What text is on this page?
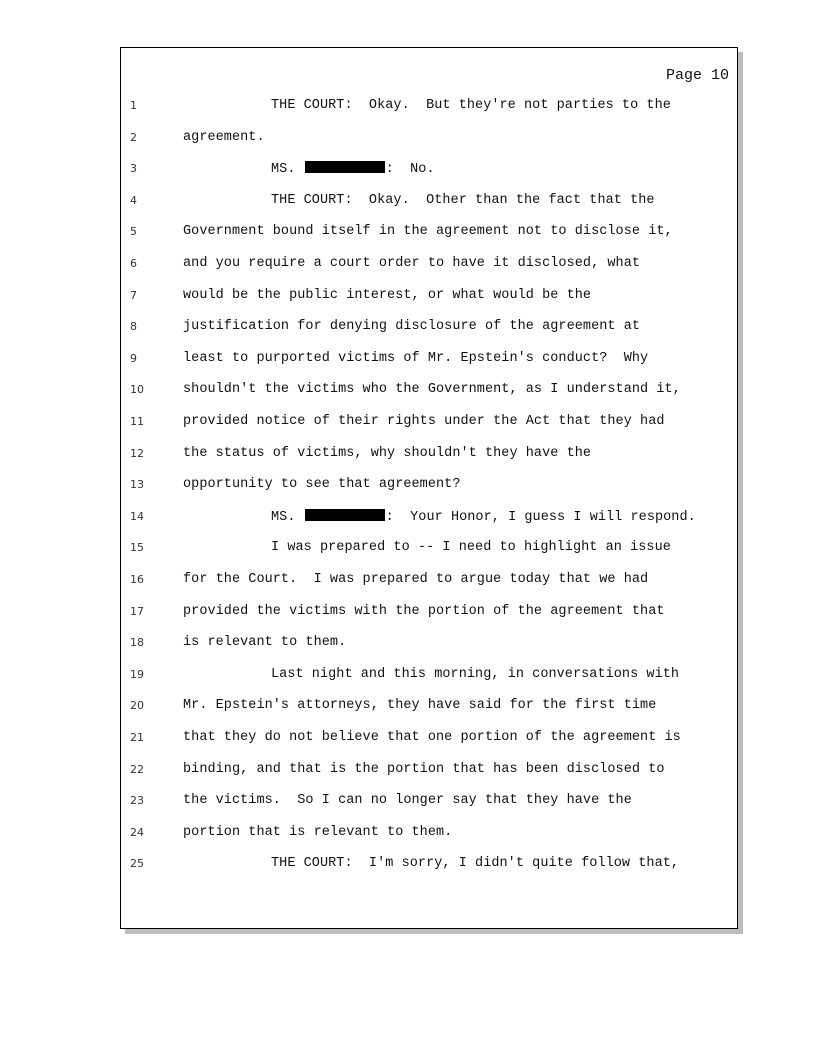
Page 10
1	THE COURT:  Okay.  But they're not parties to the
2	agreement.
3	MS.	:  No.
4	THE COURT:  Okay.  Other than the fact that the
5	Government bound itself in the agreement not to disclose it,
6	and you require a court order to have it disclosed, what
7	would be the public interest, or what would be the
8	justification for denying disclosure of the agreement at
9	least to purported victims of Mr. Epstein's conduct?  Why
10	shouldn't the victims who the Government, as I understand it,
11	provided notice of their rights under the Act that they had
12	the status of victims, why shouldn't they have the
13	opportunity to see that agreement?
14	MS.	:  Your Honor, I guess I will respond.
15	I was prepared to -- I need to highlight an issue
16	for the Court.  I was prepared to argue today that we had
17	provided the victims with the portion of the agreement that
18	is relevant to them.
19	Last night and this morning, in conversations with
20	Mr. Epstein's attorneys, they have said for the first time
21	that they do not believe that one portion of the agreement is
22	binding, and that is the portion that has been disclosed to
23	the victims.  So I can no longer say that they have the
24	portion that is relevant to them.
25	THE COURT:  I'm sorry, I didn't quite follow that,
